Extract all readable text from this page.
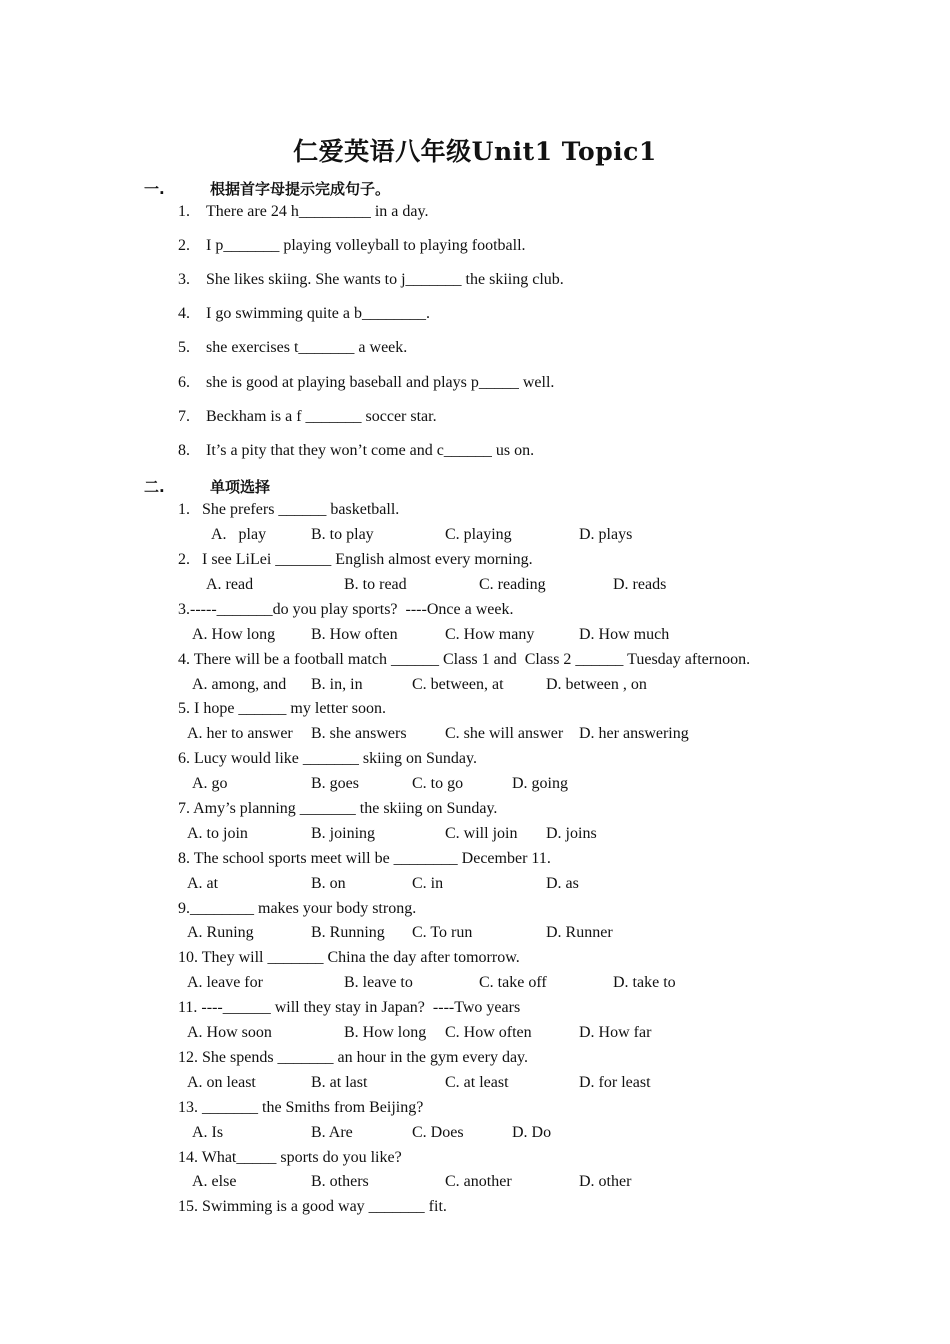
仁爱英语八年级Unit1 Topic1
一.	根据首字母提示完成句子。
1. There are 24 h_________ in a day.
2. I p_______ playing volleyball to playing football.
3. She likes skiing. She wants to j_______ the skiing club.
4. I go swimming quite a b________.
5. she exercises t_______ a week.
6. she is good at playing baseball and plays p_____ well.
7. Beckham is a f _______ soccer star.
8. It’s a pity that they won’t come and c______ us on.
二.	单项选择
1.   She prefers ______ basketball.
A.   play	B. to play	C. playing	D. plays
2.   I see LiLei _______ English almost every morning.
A. read	B. to read	C. reading	D. reads
3.-----_______do you play sports?  ----Once a week.
A. How long B. How often	C. How many	D. How much
4. There will be a football match ______ Class 1 and  Class 2 ______ Tuesday afternoon.
A. among, and B. in, in	C. between, at	D. between , on
5. I hope ______ my letter soon.
A. her to answer B. she answers C. she will answer D. her answering
6. Lucy would like _______ skiing on Sunday.
A. go	B. goes	C. to go	D. going
7. Amy’s planning _______ the skiing on Sunday.
A. to join	B. joining	C. will join D. joins
8. The school sports meet will be ________ December 11.
A. at	B. on	C. in	D. as
9.________ makes your body strong.
A. Runing	B. Running C. To run	D. Runner
10. They will _______ China the day after tomorrow.
A. leave for	B. leave to	C. take off	D. take to
11. ----______ will they stay in Japan?  ----Two years
A. How soon	B. How long C. How often	D. How far
12. She spends _______ an hour in the gym every day.
A. on least	B. at last	C. at least	D. for least
13. _______ the Smiths from Beijing?
A. Is	B. Are	C. Does	D. Do
14. What_____ sports do you like?
A. else	B. others	C. another	D. other
15. Swimming is a good way _______ fit.
